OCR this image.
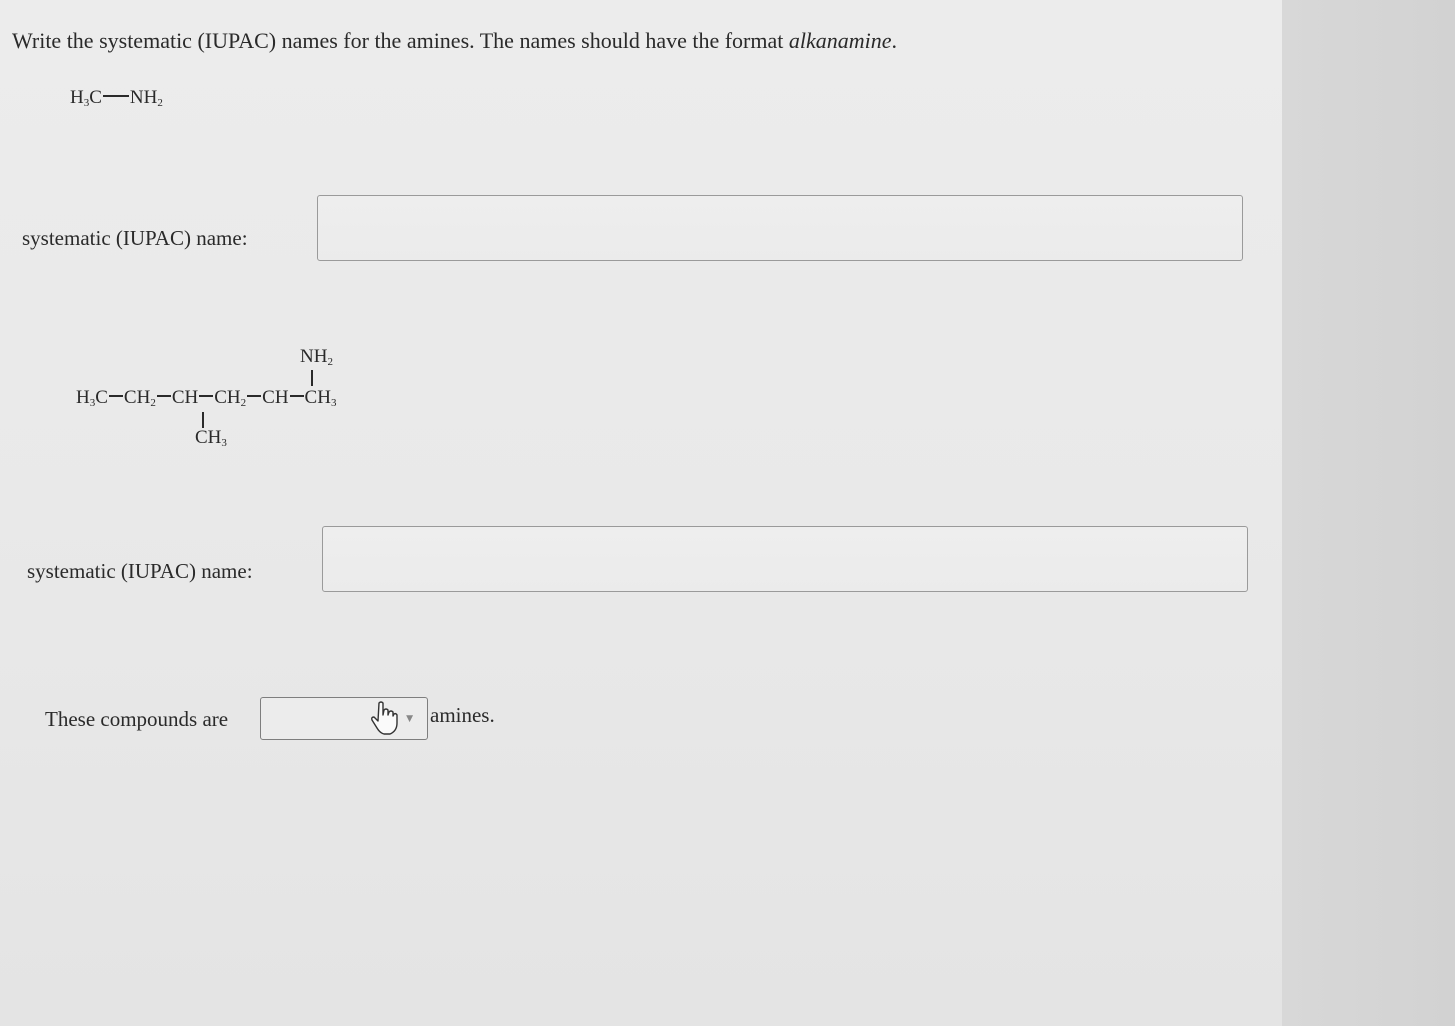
Write the systematic (IUPAC) names for the amines. The names should have the format alkanamine.
$H_3C$ $NH_2$
systematic (IUPAC) name:
$NH_2$
$H_3C$ $CH_2$ CH $CH_2$ CH $CH_3$
$CH_3$
systematic (IUPAC) name:
These compounds are	▼ amines.
